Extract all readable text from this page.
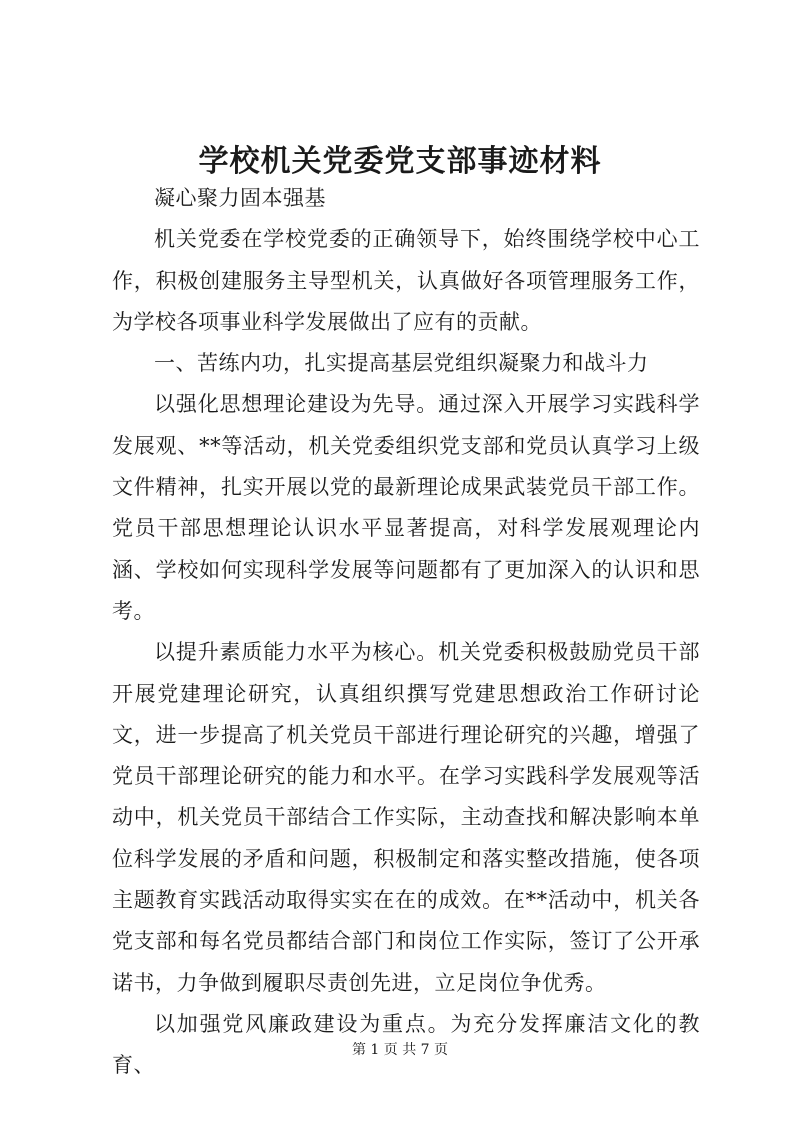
学校机关党委党支部事迹材料

凝心聚力固本强基

机关党委在学校党委的正确领导下，始终围绕学校中心工作，积极创建服务主导型机关，认真做好各项管理服务工作，为学校各项事业科学发展做出了应有的贡献。

一、苦练内功，扎实提高基层党组织凝聚力和战斗力

以强化思想理论建设为先导。通过深入开展学习实践科学发展观、**等活动，机关党委组织党支部和党员认真学习上级文件精神，扎实开展以党的最新理论成果武装党员干部工作。党员干部思想理论认识水平显著提高，对科学发展观理论内涵、学校如何实现科学发展等问题都有了更加深入的认识和思考。

以提升素质能力水平为核心。机关党委积极鼓励党员干部开展党建理论研究，认真组织撰写党建思想政治工作研讨论文，进一步提高了机关党员干部进行理论研究的兴趣，增强了党员干部理论研究的能力和水平。在学习实践科学发展观等活动中，机关党员干部结合工作实际，主动查找和解决影响本单位科学发展的矛盾和问题，积极制定和落实整改措施，使各项主题教育实践活动取得实实在在的成效。在**活动中，机关各党支部和每名党员都结合部门和岗位工作实际，签订了公开承诺书，力争做到履职尽责创先进，立足岗位争优秀。

以加强党风廉政建设为重点。为充分发挥廉洁文化的教育、

第 1 页 共 7 页
